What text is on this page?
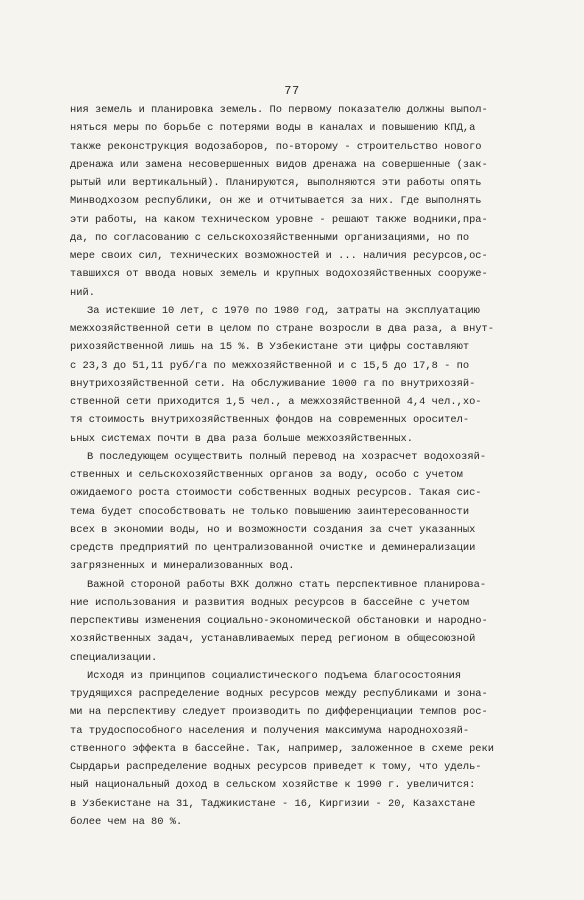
77
ния земель и планировка земель. По первому показателю должны выпол-
няться меры по борьбе с потерями воды в каналах и повышению КПД,а
также реконструкция водозаборов, по-второму - строительство нового
дренажа или замена несовершенных видов дренажа на совершенные (зак-
рытый или вертикальный). Планируются, выполняются эти работы опять
Минводхозом республики, он же и отчитывается за них. Где выполнять
эти работы, на каком техническом уровне - решают также водники,пра-
да, по согласованию с сельскохозяйственными организациями, но по
мере своих сил, технических возможностей и ... наличия ресурсов,ос-
тавшихся от ввода новых земель и крупных водохозяйственных сооруже-
ний.
За истекшие 10 лет, с 1970 по 1980 год, затраты на эксплуатацию
межхозяйственной сети в целом по стране возросли в два раза, а внут-
рихозяйственной лишь на 15 %. В Узбекистане эти цифры составляют
с 23,3 до 51,11 руб/га по межхозяйственной и с 15,5 до 17,8 - по
внутрихозяйственной сети. На обслуживание 1000 га по внутрихозяй-
ственной сети приходится 1,5 чел., а межхозяйственной 4,4 чел.,хо-
тя стоимость внутрихозяйственных фондов на современных оросител-
ьных системах почти в два раза больше межхозяйственных.
В последующем осуществить полный перевод на хозрасчет водохозяй-
ственных и сельскохозяйственных органов за воду, особо с учетом
ожидаемого роста стоимости собственных водных ресурсов. Такая сис-
тема будет способствовать не только повышению заинтересованности
всех в экономии воды, но и возможности создания за счет указанных
средств предприятий по централизованной очистке и деминерализации
загрязненных и минерализованных вод.
Важной стороной работы ВХК должно стать перспективное планирова-
ние использования и развития водных ресурсов в бассейне с учетом
перспективы изменения социально-экономической обстановки и народно-
хозяйственных задач, устанавливаемых перед регионом в общесоюзной
специализации.
Исходя из принципов социалистического подъема благосостояния
трудящихся распределение водных ресурсов между республиками и зона-
ми на перспективу следует производить по дифференциации темпов рос-
та трудоспособного населения и получения максимума народнохозяй-
ственного эффекта в бассейне. Так, например, заложенное в схеме реки
Сырдарьи распределение водных ресурсов приведет к тому, что удель-
ный национальный доход в сельском хозяйстве к 1990 г. увеличится:
в Узбекистане на 31, Таджикистане - 16, Киргизии - 20, Казахстане
более чем на 80 %.
